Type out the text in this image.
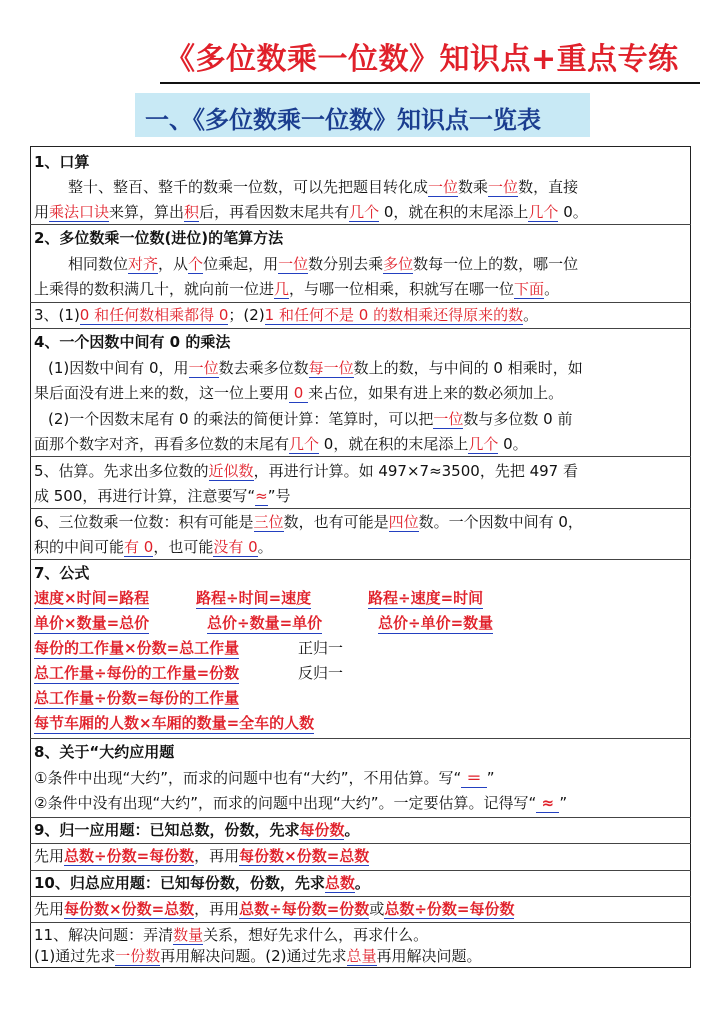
《多位数乘一位数》知识点+重点专练
一、《多位数乘一位数》知识点一览表
1、口算
整十、整百、整千的数乘一位数，可以先把题目转化成一位数乘一位数，直接
用乘法口诀来算，算出积后，再看因数末尾共有几个 0，就在积的末尾添上几个 0。
2、多位数乘一位数(进位)的笔算方法
相同数位对齐，从个位乘起，用一位数分别去乘多位数每一位上的数，哪一位
上乘得的数积满几十，就向前一位进几，与哪一位相乘，积就写在哪一位下面。
3、(1)0 和任何数相乘都得 0；(2)1 和任何不是 0 的数相乘还得原来的数。
4、一个因数中间有 0 的乘法
(1)因数中间有 0，用一位数去乘多位数每一位数上的数，与中间的 0 相乘时，如
果后面没有进上来的数，这一位上要用 0 来占位，如果有进上来的数必须加上。
(2)一个因数末尾有 0 的乘法的简便计算：笔算时，可以把一位数与多位数 0 前
面那个数字对齐，再看多位数的末尾有几个 0，就在积的末尾添上几个 0。
5、估算。先求出多位数的近似数，再进行计算。如 497×7≈3500，先把 497 看
成 500，再进行计算，注意要写“≈”号
6、三位数乘一位数：积有可能是三位数，也有可能是四位数。一个因数中间有 0，
积的中间可能有 0，也可能没有 0。
7、公式
速度×时间=路程	路程÷时间=速度	路程÷速度=时间
单价×数量=总价	总价÷数量=单价	总价÷单价=数量
每份的工作量×份数=总工作量	正归一
总工作量÷每份的工作量=份数	反归一
总工作量÷份数=每份的工作量
每节车厢的人数×车厢的数量=全车的人数
8、关于“大约应用题
①条件中出现“大约”，而求的问题中也有“大约”，不用估算。写“ ＝ ”
②条件中没有出现“大约”，而求的问题中出现“大约”。一定要估算。记得写“ ≈ ”
9、归一应用题：已知总数，份数，先求每份数。
先用总数÷份数=每份数，再用每份数×份数=总数
10、归总应用题：已知每份数，份数，先求总数。
先用每份数×份数=总数，再用总数÷每份数=份数或总数÷份数=每份数
11、解决问题：弄清数量关系，想好先求什么，再求什么。
(1)通过先求一份数再用解决问题。(2)通过先求总量再用解决问题。
